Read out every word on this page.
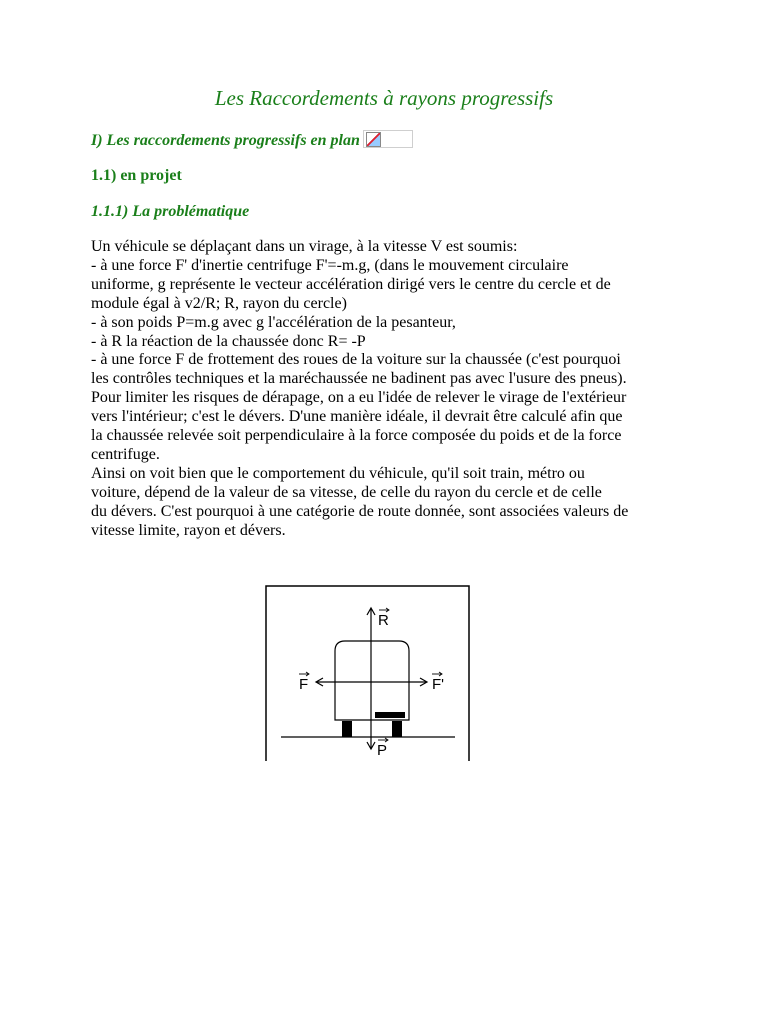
Les Raccordements à rayons progressifs
I) Les raccordements progressifs en plan
1.1) en projet
1.1.1) La problématique
Un véhicule se déplaçant dans un virage, à la vitesse V est soumis:
- à une force F' d'inertie centrifuge F'=-m.g, (dans le mouvement circulaire
uniforme, g représente le vecteur accélération dirigé vers le centre du cercle et de
module égal à v2/R; R, rayon du cercle)
- à son poids P=m.g avec g l'accélération de la pesanteur,
- à R la réaction de la chaussée donc R= -P
- à une force F de frottement des roues de la voiture sur la chaussée (c'est pourquoi
les contrôles techniques et la maréchaussée ne badinent pas avec l'usure des pneus).
Pour limiter les risques de dérapage, on a eu l'idée de relever le virage de l'extérieur
vers l'intérieur; c'est le dévers. D'une manière idéale, il devrait être calculé afin que
la chaussée relevée soit perpendiculaire à la force composée du poids et de la force
centrifuge.
Ainsi on voit bien que le comportement du véhicule, qu'il soit train, métro ou
voiture, dépend de la valeur de sa vitesse, de celle du rayon du cercle et de celle
du dévers. C'est pourquoi à une catégorie de route donnée, sont associées valeurs de
vitesse limite, rayon et dévers.
R
F	F'
P
